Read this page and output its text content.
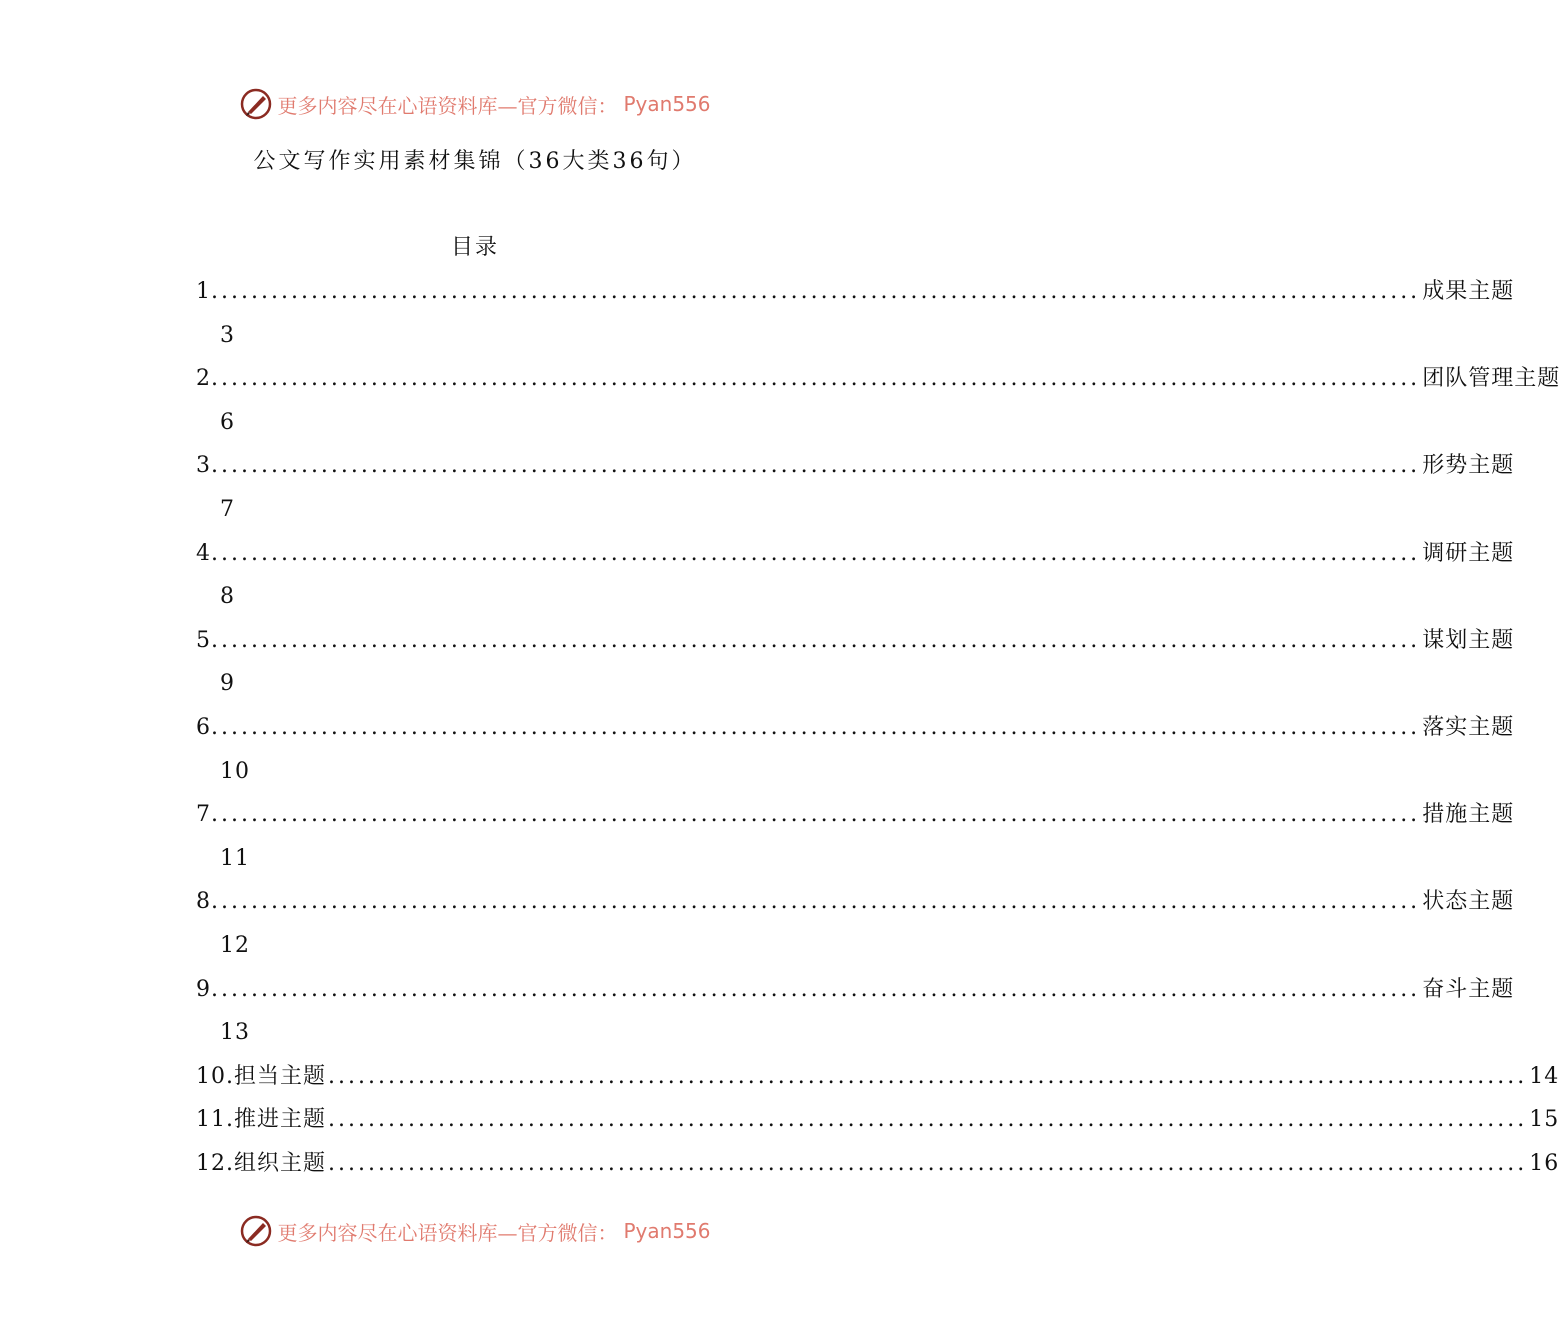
更多内容尽在心语资料库—官方微信： Pyan556
公文写作实用素材集锦（36大类36句）
目录
1. ........................................................................................................................ 成果主题
3
2. ........................................................................................................................ 团队管理主题
6
3. ........................................................................................................................ 形势主题
7
4. ........................................................................................................................ 调研主题
8
5. ........................................................................................................................ 谋划主题
9
6. ........................................................................................................................ 落实主题
10
7. ........................................................................................................................ 措施主题
11
8. ........................................................................................................................ 状态主题
12
9. ........................................................................................................................ 奋斗主题
13
10. 担当主题 ........................................................................................................................ 14
11. 推进主题 ........................................................................................................................ 15
12. 组织主题 ........................................................................................................................ 16
更多内容尽在心语资料库—官方微信： Pyan556
